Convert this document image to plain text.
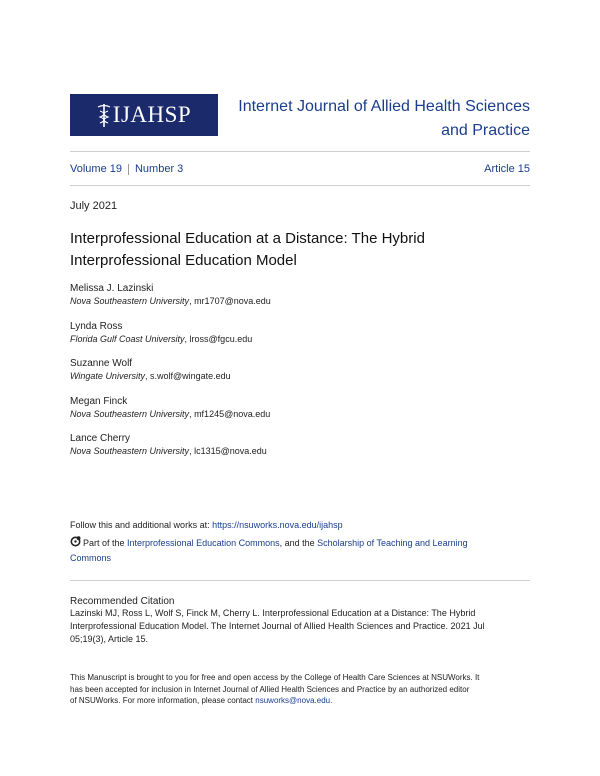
IJAHSP	Internet Journal of Allied Health Sciences
and Practice
Volume 19 Number 3	Article 15
July 2021
Interprofessional Education at a Distance: The Hybrid
Interprofessional Education Model
Melissa J. Lazinski
Nova Southeastern University, mr1707@nova.edu
Lynda Ross
Florida Gulf Coast University, lross@fgcu.edu
Suzanne Wolf
Wingate University, s.wolf@wingate.edu
Megan Finck
Nova Southeastern University, mf1245@nova.edu
Lance Cherry
Nova Southeastern University, lc1315@nova.edu
Follow this and additional works at: https://nsuworks.nova.edu/ijahsp
Part of the Interprofessional Education Commons, and the Scholarship of Teaching and Learning
Commons
Recommended Citation
Lazinski MJ, Ross L, Wolf S, Finck M, Cherry L. Interprofessional Education at a Distance: The Hybrid
Interprofessional Education Model. The Internet Journal of Allied Health Sciences and Practice. 2021 Jul
05;19(3), Article 15.
This Manuscript is brought to you for free and open access by the College of Health Care Sciences at NSUWorks. It
has been accepted for inclusion in Internet Journal of Allied Health Sciences and Practice by an authorized editor
of NSUWorks. For more information, please contact nsuworks@nova.edu.
